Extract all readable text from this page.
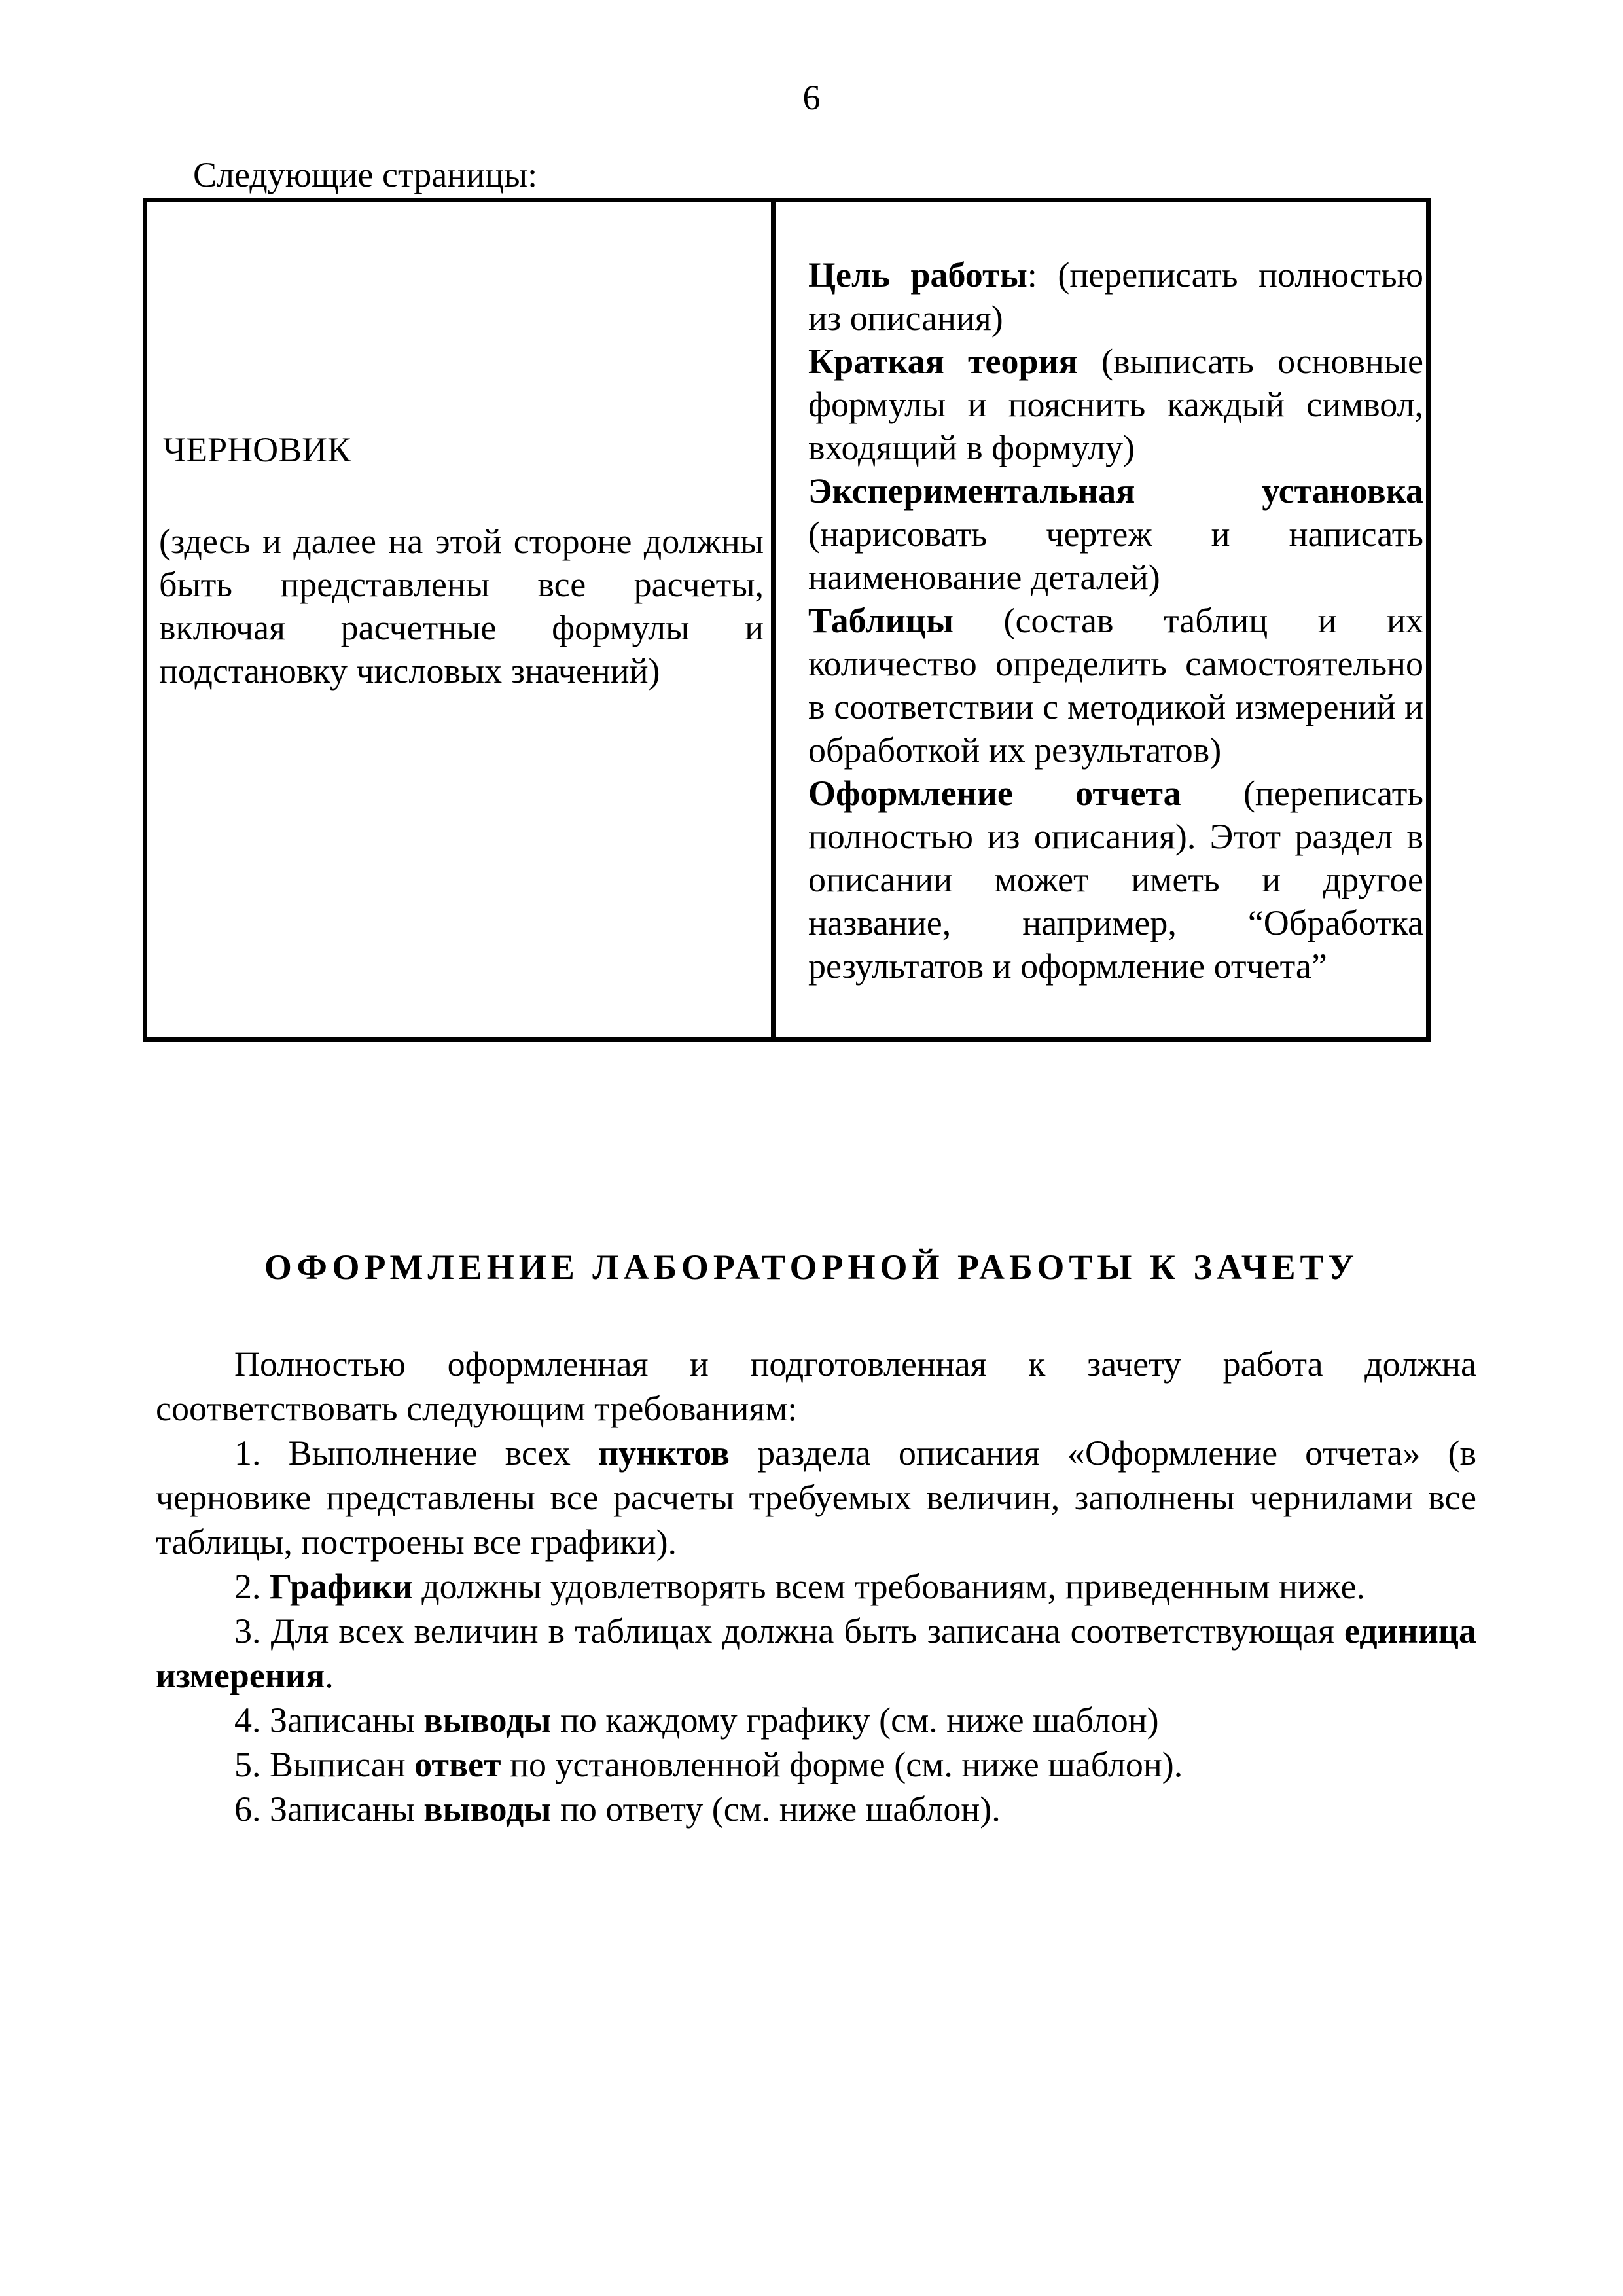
6
Следующие страницы:
ЧЕРНОВИК
(здесь и далее на этой стороне должны быть представлены все расчеты, включая расчетные формулы и подстановку числовых значений)

Цель работы: (переписать полностью из описания)

Краткая теория (выписать основные формулы и пояснить каждый символ, входящий в формулу)

Экспериментальная установка (нарисовать чертеж и написать наименование деталей)

Таблицы (состав таблиц и их количество определить самостоятельно в соответствии с методикой измерений и обработкой их результатов)

Оформление отчета (переписать полностью из описания). Этот раздел в описании может иметь и другое название, например, “Обработка результатов и оформление отчета”

ОФОРМЛЕНИЕ ЛАБОРАТОРНОЙ РАБОТЫ К ЗАЧЕТУ

Полностью оформленная и подготовленная к зачету работа должна соответствовать следующим требованиям:

1. Выполнение всех пунктов раздела описания «Оформление отчета» (в черновике представлены все расчеты требуемых величин, заполнены чернилами все таблицы, построены все графики).

2. Графики должны удовлетворять всем требованиям, приведенным ниже.

3. Для всех величин в таблицах должна быть записана соответствующая единица измерения.

4. Записаны выводы по каждому графику (см. ниже шаблон)

5. Выписан ответ по установленной форме (см. ниже шаблон).

6. Записаны выводы по ответу (см. ниже шаблон).
